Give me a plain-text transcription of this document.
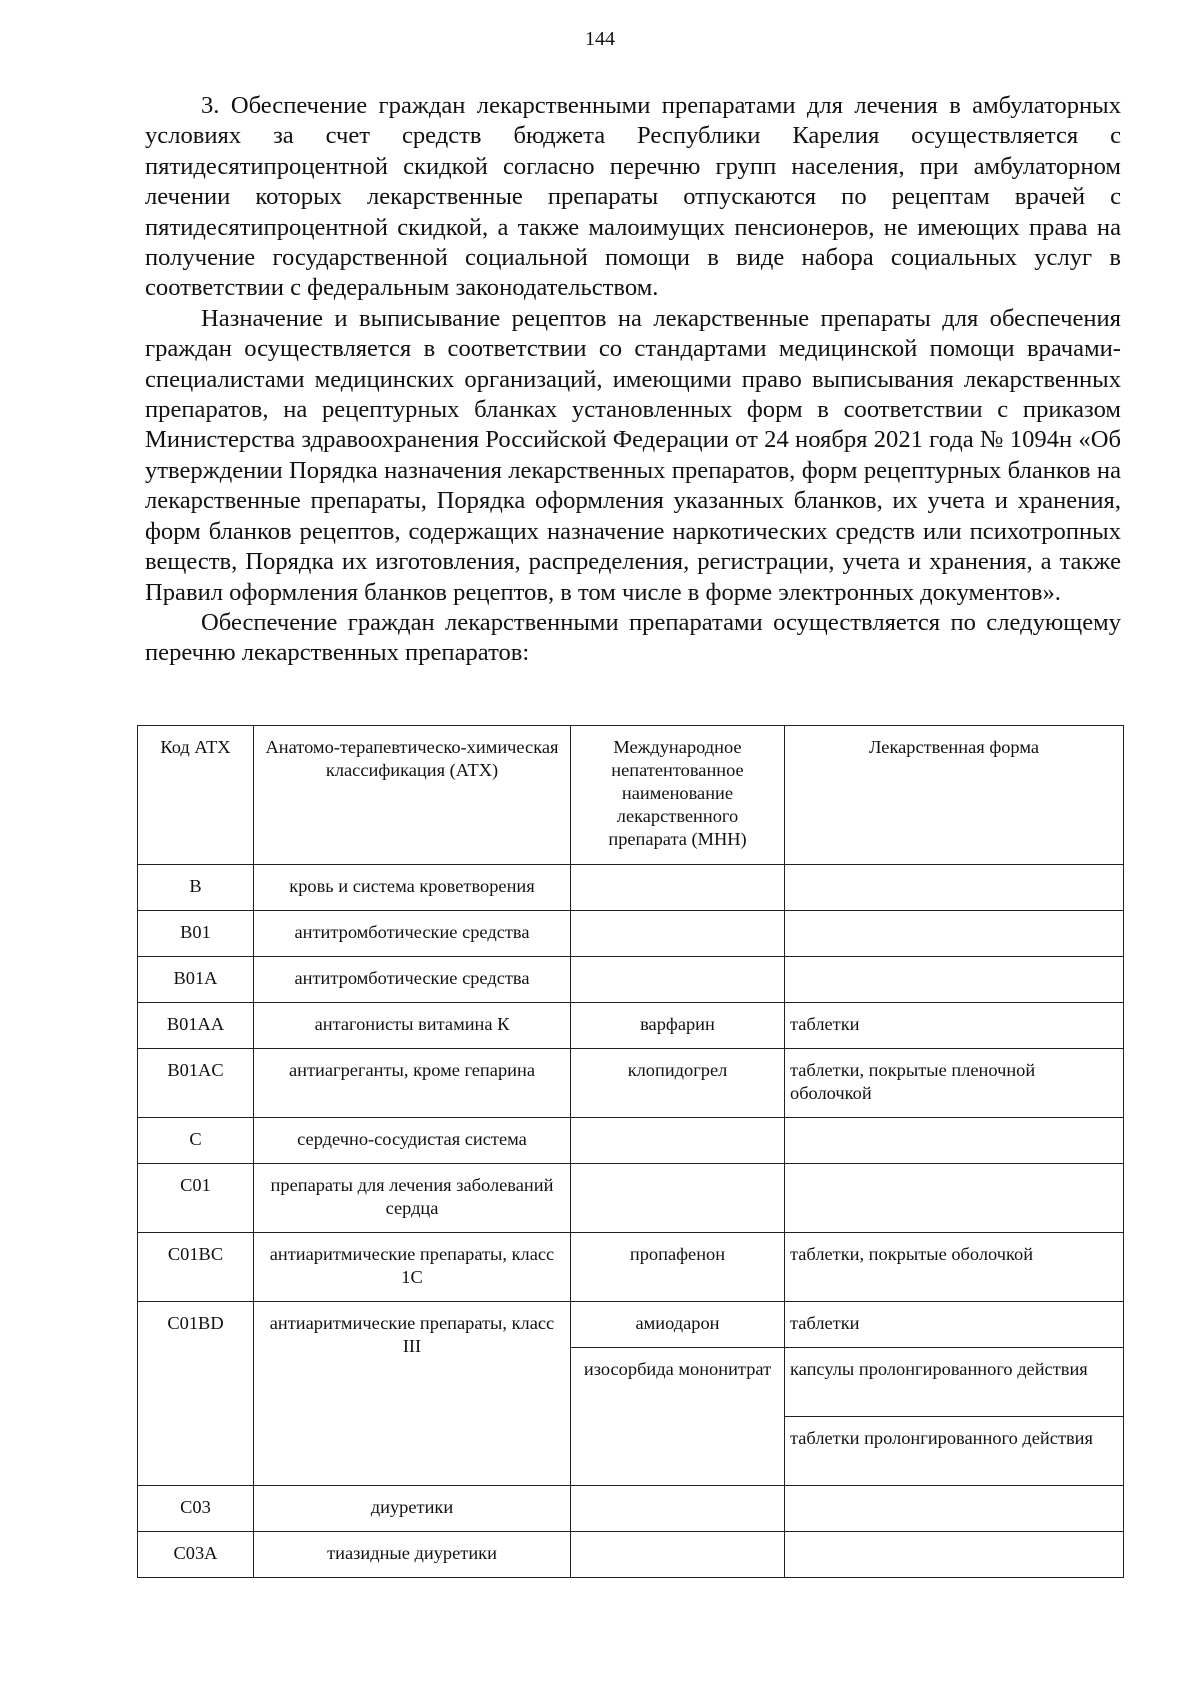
144

3. Обеспечение граждан лекарственными препаратами для лечения в амбулаторных условиях за счет средств бюджета Республики Карелия осуществляется с пятидесятипроцентной скидкой согласно перечню групп населения, при амбулаторном лечении которых лекарственные препараты отпускаются по рецептам врачей с пятидесятипроцентной скидкой, а также малоимущих пенсионеров, не имеющих права на получение государственной социальной помощи в виде набора социальных услуг в соответствии с федеральным законодательством.

Назначение и выписывание рецептов на лекарственные препараты для обеспечения граждан осуществляется в соответствии со стандартами медицинской помощи врачами-специалистами медицинских организаций, имеющими право выписывания лекарственных препаратов, на рецептурных бланках установленных форм в соответствии с приказом Министерства здравоохранения Российской Федерации от 24 ноября 2021 года № 1094н «Об утверждении Порядка назначения лекарственных препаратов, форм рецептурных бланков на лекарственные препараты, Порядка оформления указанных бланков, их учета и хранения, форм бланков рецептов, содержащих назначение наркотических средств или психотропных веществ, Порядка их изготовления, распределения, регистрации, учета и хранения, а также Правил оформления бланков рецептов, в том числе в форме электронных документов».

Обеспечение граждан лекарственными препаратами осуществляется по следующему перечню лекарственных препаратов:

Код АТХ	Анатомо-терапевтическо-химическая классификация (АТХ)	Международное непатентованное наименование лекарственного препарата (МНН)	Лекарственная форма
B	кровь и система кроветворения		
B01	антитромботические средства		
B01A	антитромботические средства		
B01AA	антагонисты витамина К	варфарин	таблетки
B01AC	антиагреганты, кроме гепарина	клопидогрел	таблетки, покрытые пленочной оболочкой
C	сердечно-сосудистая система		
C01	препараты для лечения заболеваний сердца		
C01BC	антиаритмические препараты, класс 1C	пропафенон	таблетки, покрытые оболочкой
C01BD	антиаритмические препараты, класс III	амиодарон	таблетки
		изосорбида мононитрат	капсулы пролонгированного действия
			таблетки пролонгированного действия
C03	диуретики		
C03A	тиазидные диуретики		
